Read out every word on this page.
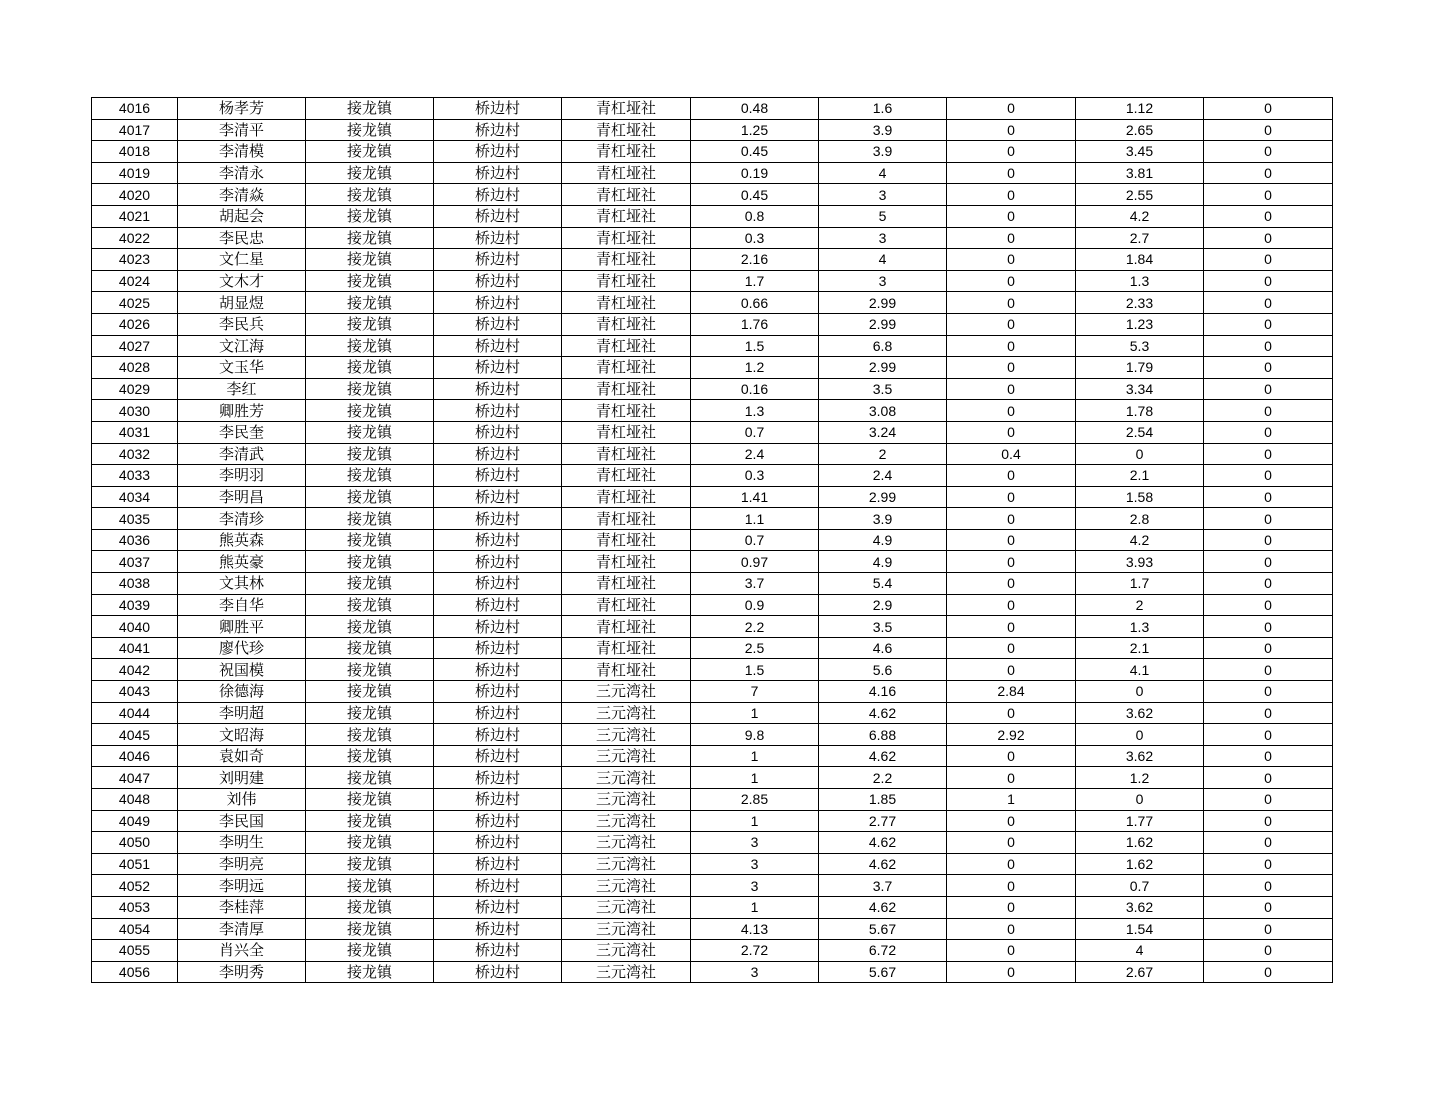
4016	杨孝芳	接龙镇	桥边村	青杠垭社	0.48	1.6	0	1.12	0
4017	李清平	接龙镇	桥边村	青杠垭社	1.25	3.9	0	2.65	0
4018	李清模	接龙镇	桥边村	青杠垭社	0.45	3.9	0	3.45	0
4019	李清永	接龙镇	桥边村	青杠垭社	0.19	4	0	3.81	0
4020	李清焱	接龙镇	桥边村	青杠垭社	0.45	3	0	2.55	0
4021	胡起会	接龙镇	桥边村	青杠垭社	0.8	5	0	4.2	0
4022	李民忠	接龙镇	桥边村	青杠垭社	0.3	3	0	2.7	0
4023	文仁星	接龙镇	桥边村	青杠垭社	2.16	4	0	1.84	0
4024	文木才	接龙镇	桥边村	青杠垭社	1.7	3	0	1.3	0
4025	胡显煜	接龙镇	桥边村	青杠垭社	0.66	2.99	0	2.33	0
4026	李民兵	接龙镇	桥边村	青杠垭社	1.76	2.99	0	1.23	0
4027	文江海	接龙镇	桥边村	青杠垭社	1.5	6.8	0	5.3	0
4028	文玉华	接龙镇	桥边村	青杠垭社	1.2	2.99	0	1.79	0
4029	李红	接龙镇	桥边村	青杠垭社	0.16	3.5	0	3.34	0
4030	卿胜芳	接龙镇	桥边村	青杠垭社	1.3	3.08	0	1.78	0
4031	李民奎	接龙镇	桥边村	青杠垭社	0.7	3.24	0	2.54	0
4032	李清武	接龙镇	桥边村	青杠垭社	2.4	2	0.4	0	0
4033	李明羽	接龙镇	桥边村	青杠垭社	0.3	2.4	0	2.1	0
4034	李明昌	接龙镇	桥边村	青杠垭社	1.41	2.99	0	1.58	0
4035	李清珍	接龙镇	桥边村	青杠垭社	1.1	3.9	0	2.8	0
4036	熊英森	接龙镇	桥边村	青杠垭社	0.7	4.9	0	4.2	0
4037	熊英豪	接龙镇	桥边村	青杠垭社	0.97	4.9	0	3.93	0
4038	文其林	接龙镇	桥边村	青杠垭社	3.7	5.4	0	1.7	0
4039	李自华	接龙镇	桥边村	青杠垭社	0.9	2.9	0	2	0
4040	卿胜平	接龙镇	桥边村	青杠垭社	2.2	3.5	0	1.3	0
4041	廖代珍	接龙镇	桥边村	青杠垭社	2.5	4.6	0	2.1	0
4042	祝国模	接龙镇	桥边村	青杠垭社	1.5	5.6	0	4.1	0
4043	徐德海	接龙镇	桥边村	三元湾社	7	4.16	2.84	0	0
4044	李明超	接龙镇	桥边村	三元湾社	1	4.62	0	3.62	0
4045	文昭海	接龙镇	桥边村	三元湾社	9.8	6.88	2.92	0	0
4046	袁如奇	接龙镇	桥边村	三元湾社	1	4.62	0	3.62	0
4047	刘明建	接龙镇	桥边村	三元湾社	1	2.2	0	1.2	0
4048	刘伟	接龙镇	桥边村	三元湾社	2.85	1.85	1	0	0
4049	李民国	接龙镇	桥边村	三元湾社	1	2.77	0	1.77	0
4050	李明生	接龙镇	桥边村	三元湾社	3	4.62	0	1.62	0
4051	李明亮	接龙镇	桥边村	三元湾社	3	4.62	0	1.62	0
4052	李明远	接龙镇	桥边村	三元湾社	3	3.7	0	0.7	0
4053	李桂萍	接龙镇	桥边村	三元湾社	1	4.62	0	3.62	0
4054	李清厚	接龙镇	桥边村	三元湾社	4.13	5.67	0	1.54	0
4055	肖兴全	接龙镇	桥边村	三元湾社	2.72	6.72	0	4	0
4056	李明秀	接龙镇	桥边村	三元湾社	3	5.67	0	2.67	0
